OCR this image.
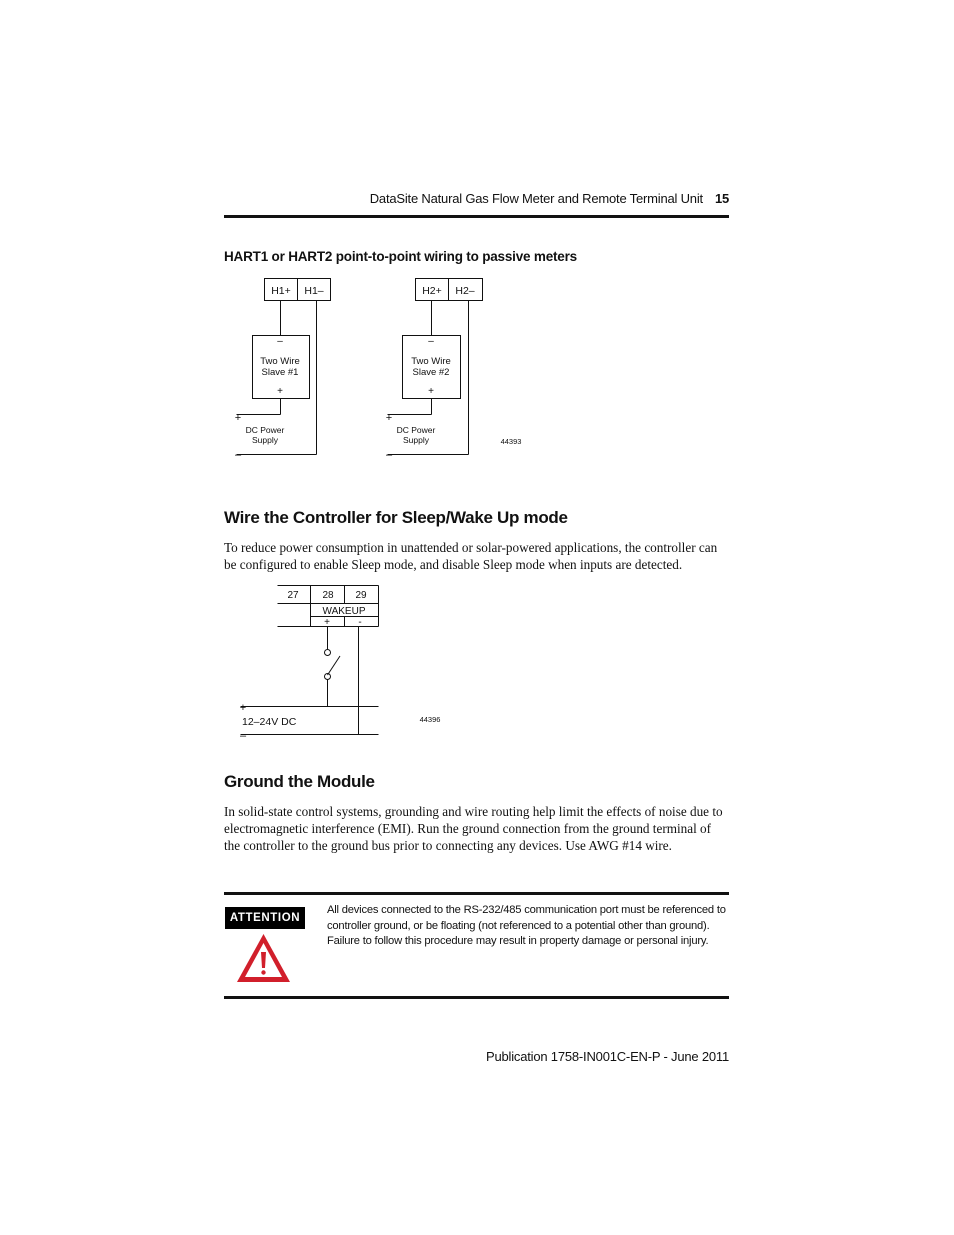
DataSite Natural Gas Flow Meter and Remote Terminal Unit 15
HART1 or HART2 point-to-point wiring to passive meters
H1+ H1–
–
Two Wire
Slave #1
+
+
DC Power
Supply
–
H2+ H2–
–
Two Wire
Slave #2
+
+
DC Power
Supply
–
44393
Wire the Controller for Sleep/Wake Up mode
To reduce power consumption in unattended or solar-powered applications, the controller can be configured to enable Sleep mode, and disable Sleep mode when inputs are detected.
27 28 29
WAKEUP
+	-
+
12–24V DC
–
44396
Ground the Module
In solid-state control systems, grounding and wire routing help limit the effects of noise due to electromagnetic interference (EMI). Run the ground connection from the ground terminal of the controller to the ground bus prior to connecting any devices. Use AWG #14 wire.
ATTENTION
All devices connected to the RS-232/485 communication port must be referenced to controller ground, or be floating (not referenced to a potential other than ground). Failure to follow this procedure may result in property damage or personal injury.
Publication 1758-IN001C-EN-P - June 2011
